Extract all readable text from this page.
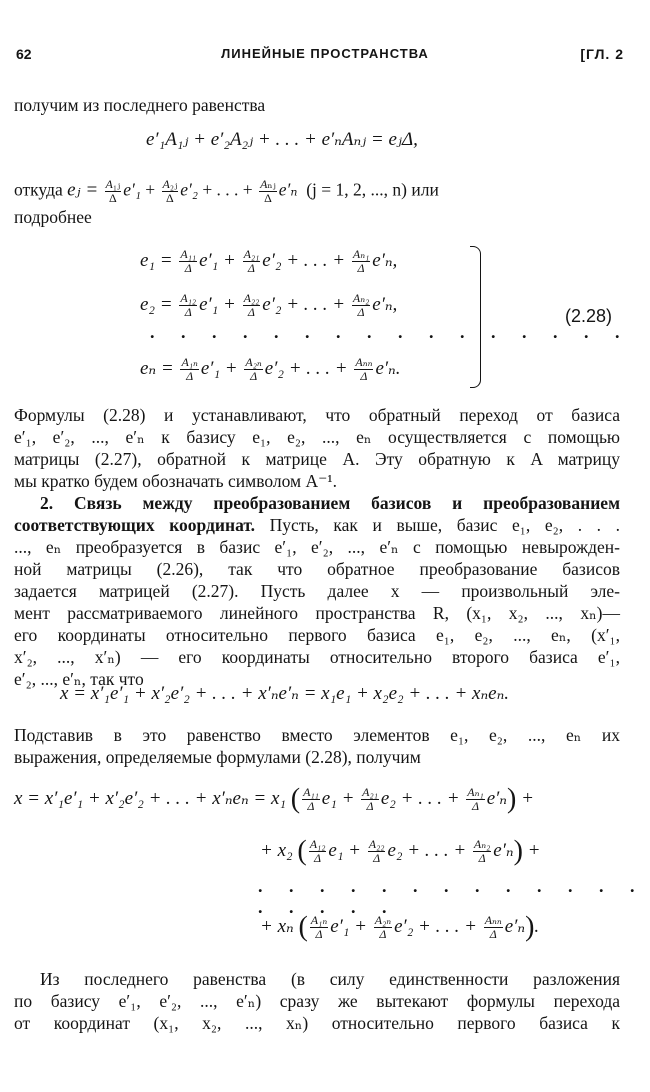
62	ЛИНЕЙНЫЕ ПРОСТРАНСТВА	[ГЛ. 2
получим из последнего равенства
e′₁A₁ⱼ + e′₂A₂ⱼ + . . . + e′ₙAₙⱼ = eⱼΔ,
откуда eⱼ = $\frac{\text{A₁ⱼ}}{\Delta} e'_1 + \frac{\text{A₂ⱼ}}{\Delta} e'_2$ + . . . + $\frac{\text{Aₙⱼ}}{\Delta} e'_n$ (j = 1, 2, ..., n) или
подробнее
$e_1 = \frac{\text{A₁₁}}{\Delta} e'_1 + \frac{\text{A₂₁}}{\Delta} e'_2$ + . . . + $\frac{\text{Aₙ₁}}{\Delta} e'_n$,
$e_2 = \frac{\text{A₁₂}}{\Delta} e'_1 + \frac{\text{A₂₂}}{\Delta} e'_2$ + . . . + $\frac{\text{Aₙ₂}}{\Delta} e'_n$,
. . . . . . . . . . . . . . . .
$e_n = \frac{\text{A₁ₙ}}{\Delta} e'_1 + \frac{\text{A₂ₙ}}{\Delta} e'_2$ + . . . + $\frac{\text{Aₙₙ}}{\Delta} e'_n$.
(2.28)
Формулы (2.28) и устанавливают, что обратный переход от базиса
e′₁, e′₂, ..., e′ₙ к базису e₁, e₂, ..., eₙ осуществляется с помощью
матрицы (2.27), обратной к матрице A. Эту обратную к A матрицу
мы кратко будем обозначать символом A⁻¹.
2. Связь между преобразованием базисов и преобразованием
соответствующих координат. Пусть, как и выше, базис e₁, e₂, . . .
..., eₙ преобразуется в базис e′₁, e′₂, ..., e′ₙ с помощью невырожден-
ной матрицы (2.26), так что обратное преобразование базисов
задается матрицей (2.27). Пусть далее x — произвольный эле-
мент рассматриваемого линейного пространства R, (x₁, x₂, ..., xₙ)—
его координаты относительно первого базиса e₁, e₂, ..., eₙ, (x′₁,
x′₂, ..., x′ₙ) — его координаты относительно второго базиса e′₁,
e′₂, ..., e′ₙ, так что
x = x′₁e′₁ + x′₂e′₂ + . . . + x′ₙe′ₙ = x₁e₁ + x₂e₂ + . . . + xₙeₙ.
Подставив в это равенство вместо элементов e₁, e₂, ..., eₙ их
выражения, определяемые формулами (2.28), получим
x = x′₁e′₁ + x′₂e′₂ + . . . + x′ₙeₙ = x₁ ( $\frac{\text{A₁₁}}{\Delta} e_1 + \frac{\text{A₂₁}}{\Delta} e_2$ + . . . + $\frac{\text{Aₙ₁}}{\Delta} e'_n$) +
+ x₂ ( $\frac{\text{A₁₂}}{\Delta} e_1 + \frac{\text{A₂₂}}{\Delta} e_2$ + . . . + $\frac{\text{Aₙ₂}}{\Delta} e'_n$) +
. . . . . . . . . . . . . . . . . .
+ xₙ ( $\frac{\text{A₁ₙ}}{\Delta} e'_1 + \frac{\text{A₂ₙ}}{\Delta} e'_2$ + . . . + $\frac{\text{Aₙₙ}}{\Delta} e'_n$).
Из последнего равенства (в силу единственности разложения
по базису e′₁, e′₂, ..., e′ₙ) сразу же вытекают формулы перехода
от координат (x₁, x₂, ..., xₙ) относительно первого базиса к
